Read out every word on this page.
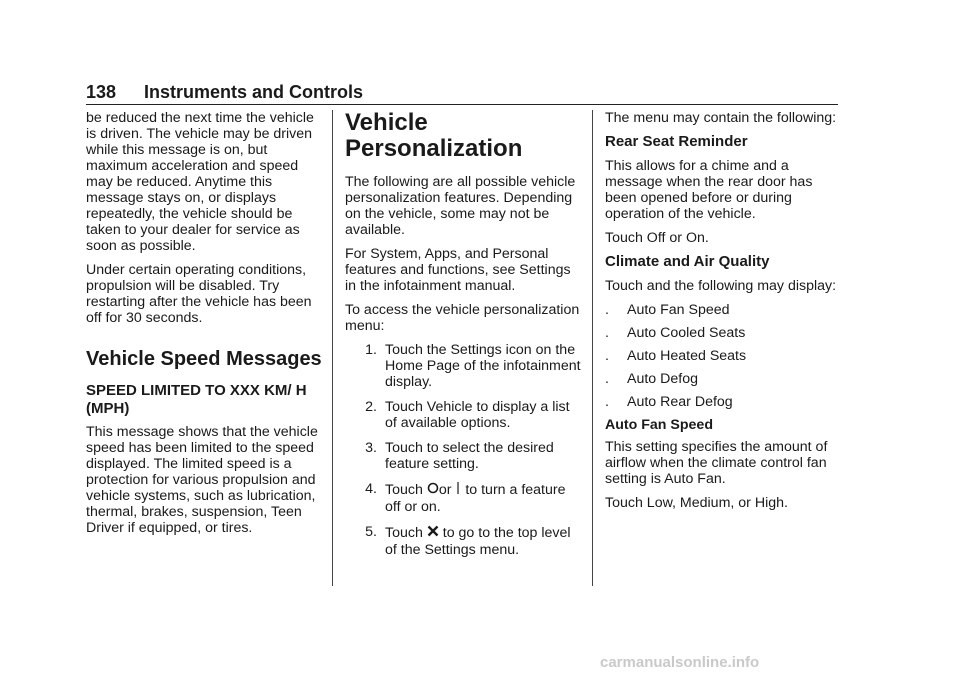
138 Instruments and Controls

be reduced the next time the vehicle is driven. The vehicle may be driven while this message is on, but maximum acceleration and speed may be reduced. Anytime this message stays on, or displays repeatedly, the vehicle should be taken to your dealer for service as soon as possible.

Under certain operating conditions, propulsion will be disabled. Try restarting after the vehicle has been off for 30 seconds.

Vehicle Speed Messages
SPEED LIMITED TO XXX KM/ H (MPH)

This message shows that the vehicle speed has been limited to the speed displayed. The limited speed is a protection for various propulsion and vehicle systems, such as lubrication, thermal, brakes, suspension, Teen Driver if equipped, or tires.

Vehicle Personalization

The following are all possible vehicle personalization features. Depending on the vehicle, some may not be available.

For System, Apps, and Personal features and functions, see Settings in the infotainment manual.

To access the vehicle personalization menu:

1. Touch the Settings icon on the Home Page of the infotainment display.
2. Touch Vehicle to display a list of available options.
3. Touch to select the desired feature setting.
4. Touch or to turn a feature off or on.
5. Touch  to go to the top level of the Settings menu.

The menu may contain the following:

Rear Seat Reminder

This allows for a chime and a message when the rear door has been opened before or during operation of the vehicle.

Touch Off or On.

Climate and Air Quality

Touch and the following may display:

.	Auto Fan Speed
.	Auto Cooled Seats
.	Auto Heated Seats
.	Auto Defog
.	Auto Rear Defog
Auto Fan Speed

This setting specifies the amount of airflow when the climate control fan setting is Auto Fan.

Touch Low, Medium, or High.

carmanualsonline.info
